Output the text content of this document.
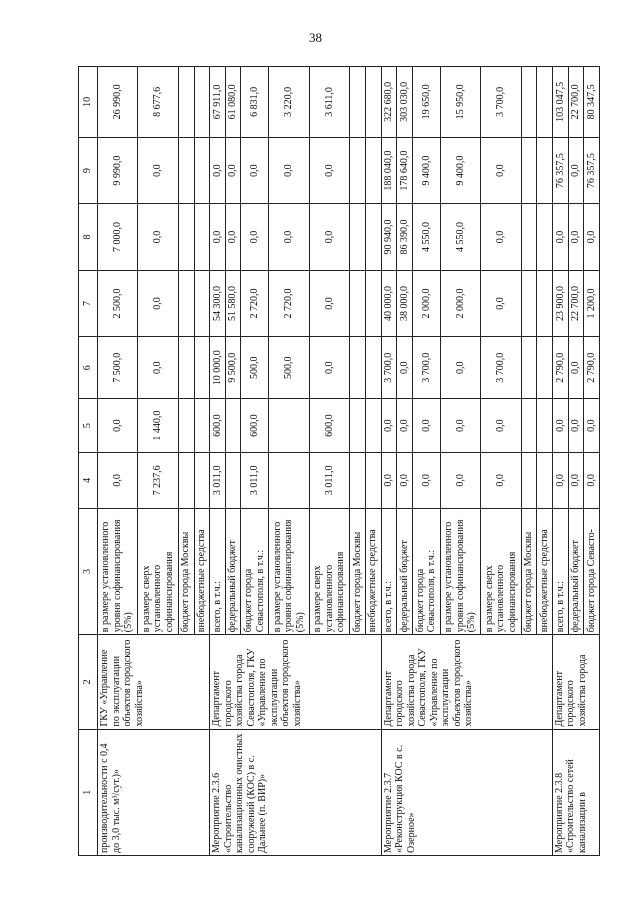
38
1	2	3	4	5	6	7	8	9	10
производительности с 0,4 до 3,0 тыс. м³/сут.)»	ГКУ «Управление по эксплуатации объектов городского хозяйства»	в размере установленного уровня софинансирования (5%)	0,0	0,0	7 500,0	2 500,0	7 000,0	9 990,0	26 990,0
		в размере сверх установленного софинансирования	7 237,6	1 440,0	0,0	0,0	0,0	0,0	8 677,6
		бюджет города Москвы							
		внебюджетные средства							
Мероприятие 2.3.6 «Строительство канализационных очистных сооружений (КОС) в с. Дальнее (п. ВИР)»	Департамент городского хозяйства города Севастополя, ГКУ «Управление по эксплуатации объектов городского хозяйства»	всего, в т.ч.:	3 011,0	600,0	10 000,0	54 300,0	0,0	0,0	67 911,0
		федеральный бюджет			9 500,0	51 580,0	0,0	0,0	61 080,0
		бюджет города Севастополя, в т.ч.:	3 011,0	600,0	500,0	2 720,0	0,0	0,0	6 831,0
		в размере установленного уровня софинансирования (5%)			500,0	2 720,0	0,0	0,0	3 220,0
		в размере сверх установленного софинансирования	3 011,0	600,0	0,0	0,0	0,0	0,0	3 611,0
		бюджет города Москвы							
		внебюджетные средства							
Мероприятие 2.3.7 «Реконструкция КОС в с. Озерное»	Департамент городского хозяйства города Севастополя, ГКУ «Управление по эксплуатации объектов городского хозяйства»	всего, в т.ч.:	0,0	0,0	3 700,0	40 000,0	90 940,0	188 040,0	322 680,0
		федеральный бюджет	0,0	0,0	0,0	38 000,0	86 390,0	178 640,0	303 030,0
		бюджет города Севастополя, в т.ч.:	0,0	0,0	3 700,0	2 000,0	4 550,0	9 400,0	19 650,0
		в размере установленного уровня софинансирования (5%)	0,0	0,0	0,0	2 000,0	4 550,0	9 400,0	15 950,0
		в размере сверх установленного софинансирования	0,0	0,0	3 700,0	0,0	0,0	0,0	3 700,0
		бюджет города Москвы							
		внебюджетные средства							
Мероприятие 2.3.8 «Строительство сетей канализации в	Департамент городского хозяйства города	всего, в т.ч.:	0,0	0,0	2 790,0	23 900,0	0,0	76 357,5	103 047,5
		федеральный бюджет	0,0	0,0	0,0	22 700,0	0,0	0,0	22 700,0
		бюджет города Севасто-	0,0	0,0	2 790,0	1 200,0	0,0	76 357,5	80 347,5
